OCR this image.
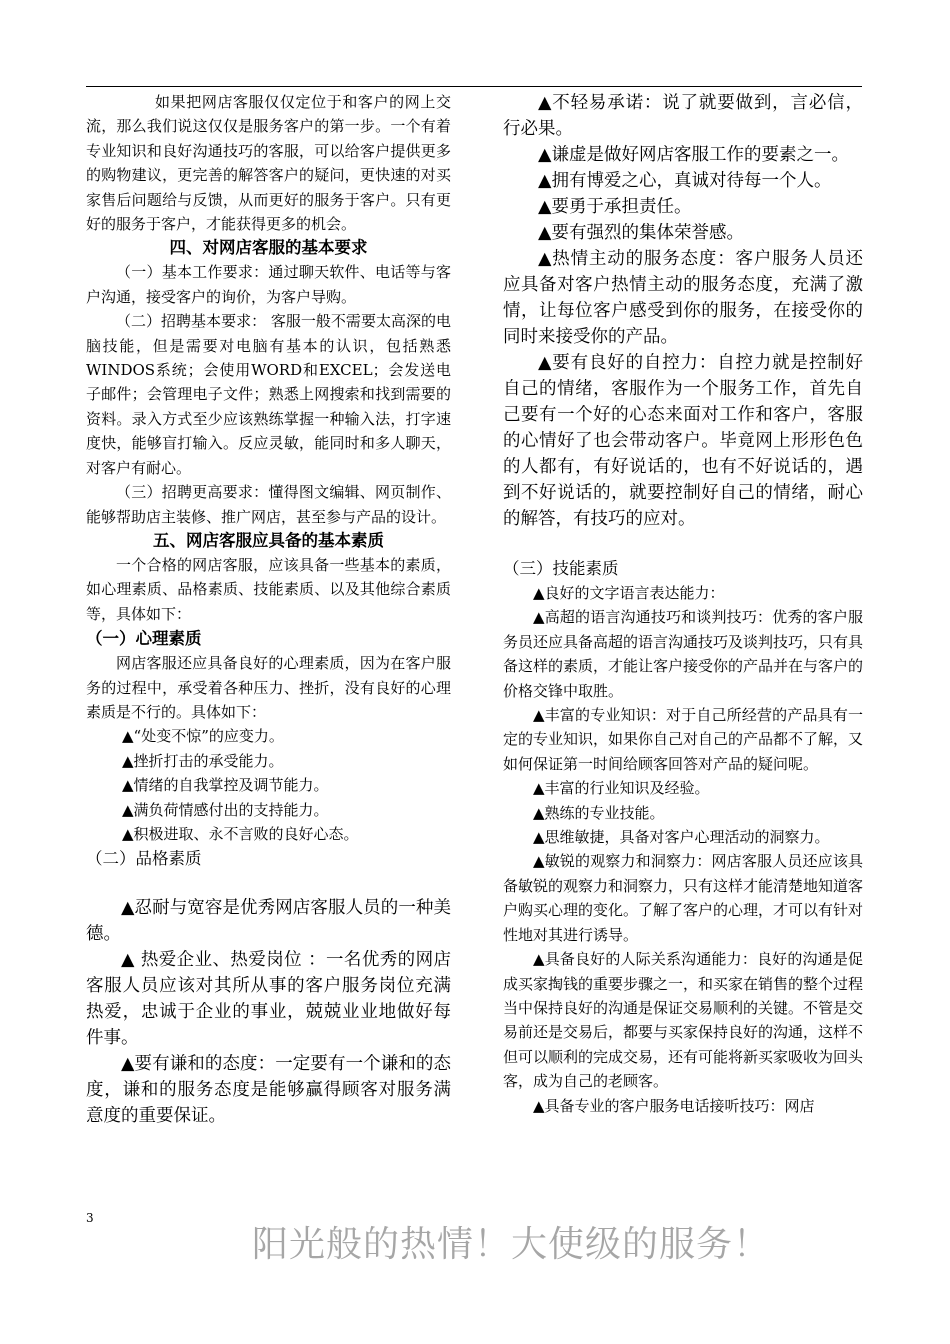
如果把网店客服仅仅定位于和客户的网上交流，那么我们说这仅仅是服务客户的第一步。一个有着专业知识和良好沟通技巧的客服，可以给客户提供更多的购物建议，更完善的解答客户的疑问，更快速的对买家售后问题给与反馈，从而更好的服务于客户。只有更好的服务于客户，才能获得更多的机会。

四、对网店客服的基本要求

（一）基本工作要求：通过聊天软件、电话等与客户沟通，接受客户的询价，为客户导购。

（二）招聘基本要求： 客服一般不需要太高深的电脑技能，但是需要对电脑有基本的认识，包括熟悉WINDOS系统；会使用WORD和EXCEL；会发送电子邮件；会管理电子文件；熟悉上网搜索和找到需要的资料。录入方式至少应该熟练掌握一种输入法，打字速度快，能够盲打输入。反应灵敏，能同时和多人聊天，对客户有耐心。

（三）招聘更高要求：懂得图文编辑、网页制作、能够帮助店主装修、推广网店，甚至参与产品的设计。

五、网店客服应具备的基本素质

一个合格的网店客服，应该具备一些基本的素质，如心理素质、品格素质、技能素质、以及其他综合素质等，具体如下：

（一）心理素质

网店客服还应具备良好的心理素质，因为在客户服务的过程中，承受着各种压力、挫折，没有良好的心理素质是不行的。具体如下：

▲“处变不惊”的应变力。

▲挫折打击的承受能力。

▲情绪的自我掌控及调节能力。

▲满负荷情感付出的支持能力。

▲积极进取、永不言败的良好心态。

（二）品格素质

▲忍耐与宽容是优秀网店客服人员的一种美德。

▲ 热爱企业、热爱岗位 ：一名优秀的网店客服人员应该对其所从事的客户服务岗位充满热爱，忠诚于企业的事业，兢兢业业地做好每件事。

▲要有谦和的态度：一定要有一个谦和的态度，谦和的服务态度是能够赢得顾客对服务满意度的重要保证。

▲不轻易承诺：说了就要做到，言必信，行必果。

▲谦虚是做好网店客服工作的要素之一。

▲拥有博爱之心，真诚对待每一个人。

▲要勇于承担责任。

▲要有强烈的集体荣誉感。

▲热情主动的服务态度：客户服务人员还应具备对客户热情主动的服务态度，充满了激情，让每位客户感受到你的服务，在接受你的同时来接受你的产品。

▲要有良好的自控力：自控力就是控制好自己的情绪，客服作为一个服务工作，首先自己要有一个好的心态来面对工作和客户，客服的心情好了也会带动客户。毕竟网上形形色色的人都有，有好说话的，也有不好说话的，遇到不好说话的，就要控制好自己的情绪，耐心的解答，有技巧的应对。

（三）技能素质

▲良好的文字语言表达能力：

▲高超的语言沟通技巧和谈判技巧：优秀的客户服务员还应具备高超的语言沟通技巧及谈判技巧，只有具备这样的素质，才能让客户接受你的产品并在与客户的价格交锋中取胜。

▲丰富的专业知识：对于自己所经营的产品具有一定的专业知识，如果你自己对自己的产品都不了解，又如何保证第一时间给顾客回答对产品的疑问呢。

▲丰富的行业知识及经验。

▲熟练的专业技能。

▲思维敏捷，具备对客户心理活动的洞察力。

▲敏锐的观察力和洞察力：网店客服人员还应该具备敏锐的观察力和洞察力，只有这样才能清楚地知道客户购买心理的变化。了解了客户的心理，才可以有针对性地对其进行诱导。

▲具备良好的人际关系沟通能力：良好的沟通是促成买家掏钱的重要步骤之一，和买家在销售的整个过程当中保持良好的沟通是保证交易顺利的关键。不管是交易前还是交易后，都要与买家保持良好的沟通，这样不但可以顺利的完成交易，还有可能将新买家吸收为回头客，成为自己的老顾客。

▲具备专业的客户服务电话接听技巧：网店

3
阳光般的热情！大使级的服务！
